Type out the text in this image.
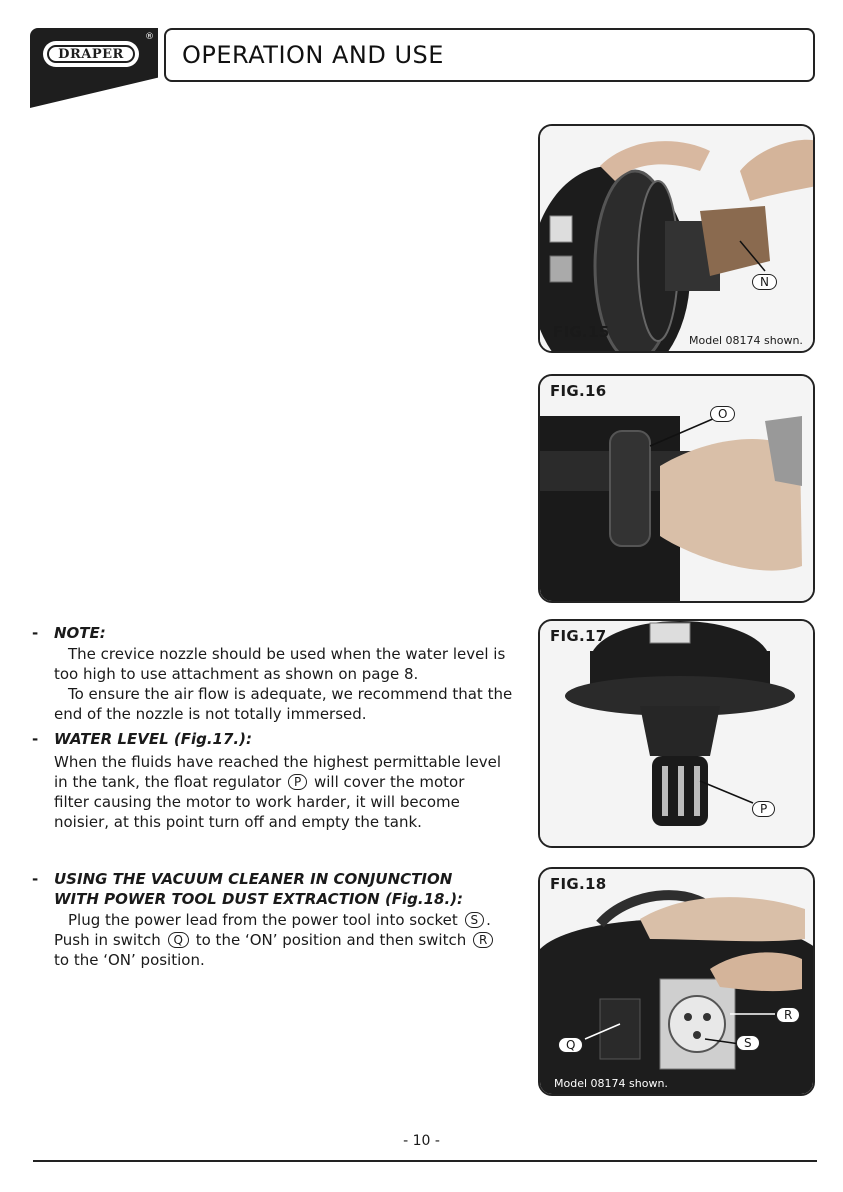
DRAPER
®
OPERATION AND USE
- NOTE:

The crevice nozzle should be used when the water level is too high to use attachment as shown on page 8.

To ensure the air flow is adequate, we recommend that the end of the nozzle is not totally immersed.

- WATER LEVEL (Fig.17.):

When the fluids have reached the highest permittable level in the tank, the float regulator P will cover the motor filter causing the motor to work harder, it will become noisier, at this point turn off and empty the tank.

- USING THE VACUUM CLEANER IN CONJUNCTION
WITH POWER TOOL DUST EXTRACTION (Fig.18.):

Plug the power lead from the power tool into socket S . Push in switch Q to the ‘ON’ position and then switch R to the ‘ON’ position.

N
FIG.15	Model 08174 shown.
FIG.16
O
FIG.17
P
FIG.18
R
Q	S
Model 08174 shown.
- 10 -
